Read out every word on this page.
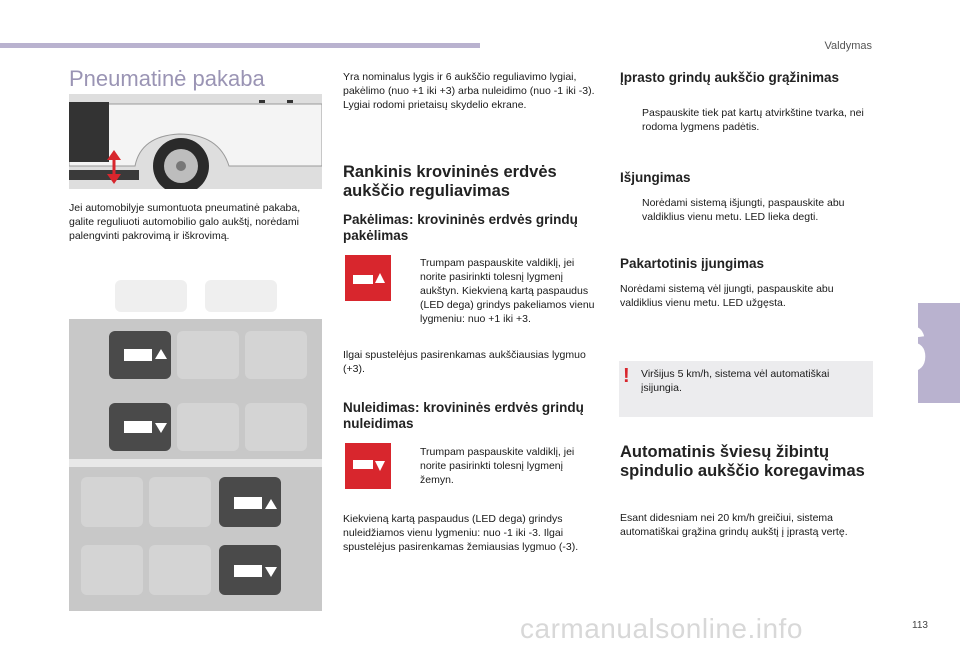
Valdymas
6
Pneumatinė pakaba

Jei automobilyje sumontuota pneumatinė pakaba, galite reguliuoti automobilio galo aukštį, norėdami palengvinti pakrovimą ir iškrovimą.

Yra nominalus lygis ir 6 aukščio reguliavimo lygiai, pakėlimo (nuo +1 iki +3) arba nuleidimo (nuo -1 iki -3). Lygiai rodomi prietaisų skydelio ekrane.

Rankinis krovininės erdvės aukščio reguliavimas
Pakėlimas: krovininės erdvės grindų pakėlimas
Trumpam paspauskite valdiklį, jei norite pasirinkti tolesnį lygmenį aukštyn. Kiekvieną kartą paspaudus (LED dega) grindys pakeliamos vienu lygmeniu: nuo +1 iki +3.

Ilgai spustelėjus pasirenkamas aukščiausias lygmuo (+3).

Nuleidimas: krovininės erdvės grindų nuleidimas
Trumpam paspauskite valdiklį, jei norite pasirinkti tolesnį lygmenį žemyn.

Kiekvieną kartą paspaudus (LED dega) grindys nuleidžiamos vienu lygmeniu: nuo -1 iki -3. Ilgai spustelėjus pasirenkamas žemiausias lygmuo (-3).

Įprasto grindų aukščio grąžinimas
Paspauskite tiek pat kartų atvirkštine tvarka, nei rodoma lygmens padėtis.
Išjungimas
Norėdami sistemą išjungti, paspauskite abu valdiklius vienu metu. LED lieka degti.
Pakartotinis įjungimas

Norėdami sistemą vėl įjungti, paspauskite abu valdiklius vienu metu. LED užgęsta.

! Viršijus 5 km/h, sistema vėl automatiškai įsijungia.
Automatinis šviesų žibintų spindulio aukščio koregavimas

Esant didesniam nei 20 km/h greičiui, sistema automatiškai grąžina grindų aukštį į įprastą vertę.

113
carmanualsonline.info
